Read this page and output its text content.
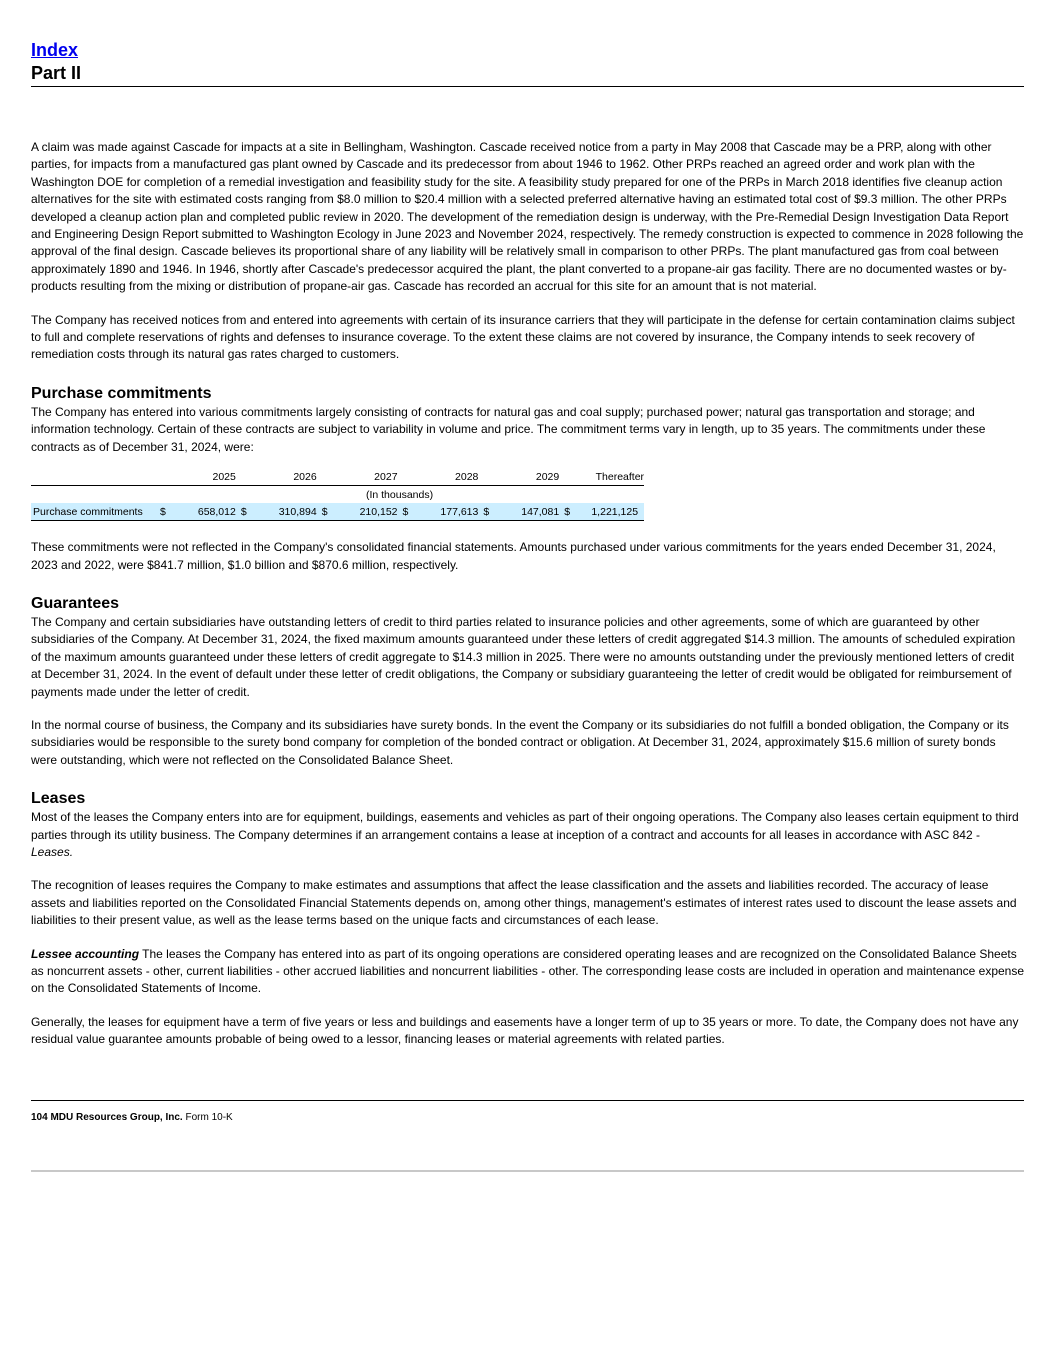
Index
Part II

A claim was made against Cascade for impacts at a site in Bellingham, Washington. Cascade received notice from a party in May 2008 that Cascade may be a PRP, along with other parties, for impacts from a manufactured gas plant owned by Cascade and its predecessor from about 1946 to 1962. Other PRPs reached an agreed order and work plan with the Washington DOE for completion of a remedial investigation and feasibility study for the site. A feasibility study prepared for one of the PRPs in March 2018 identifies five cleanup action alternatives for the site with estimated costs ranging from $8.0 million to $20.4 million with a selected preferred alternative having an estimated total cost of $9.3 million. The other PRPs developed a cleanup action plan and completed public review in 2020. The development of the remediation design is underway, with the Pre-Remedial Design Investigation Data Report and Engineering Design Report submitted to Washington Ecology in June 2023 and November 2024, respectively. The remedy construction is expected to commence in 2028 following the approval of the final design. Cascade believes its proportional share of any liability will be relatively small in comparison to other PRPs. The plant manufactured gas from coal between approximately 1890 and 1946. In 1946, shortly after Cascade's predecessor acquired the plant, the plant converted to a propane-air gas facility. There are no documented wastes or by-products resulting from the mixing or distribution of propane-air gas. Cascade has recorded an accrual for this site for an amount that is not material.

The Company has received notices from and entered into agreements with certain of its insurance carriers that they will participate in the defense for certain contamination claims subject to full and complete reservations of rights and defenses to insurance coverage. To the extent these claims are not covered by insurance, the Company intends to seek recovery of remediation costs through its natural gas rates charged to customers.

Purchase commitments

The Company has entered into various commitments largely consisting of contracts for natural gas and coal supply; purchased power; natural gas transportation and storage; and information technology. Certain of these contracts are subject to variability in volume and price. The commitment terms vary in length, up to 35 years. The commitments under these contracts as of December 31, 2024, were:

		2025		2026		2027		2028		2029		Thereafter
	(In thousands)											
Purchase commitments	$	658,012	$	310,894	$	210,152	$	177,613	$	147,081	$	1,221,125

These commitments were not reflected in the Company's consolidated financial statements. Amounts purchased under various commitments for the years ended December 31, 2024, 2023 and 2022, were $841.7 million, $1.0 billion and $870.6 million, respectively.

Guarantees

The Company and certain subsidiaries have outstanding letters of credit to third parties related to insurance policies and other agreements, some of which are guaranteed by other subsidiaries of the Company. At December 31, 2024, the fixed maximum amounts guaranteed under these letters of credit aggregated $14.3 million. The amounts of scheduled expiration of the maximum amounts guaranteed under these letters of credit aggregate to $14.3 million in 2025. There were no amounts outstanding under the previously mentioned letters of credit at December 31, 2024. In the event of default under these letter of credit obligations, the Company or subsidiary guaranteeing the letter of credit would be obligated for reimbursement of payments made under the letter of credit.

In the normal course of business, the Company and its subsidiaries have surety bonds. In the event the Company or its subsidiaries do not fulfill a bonded obligation, the Company or its subsidiaries would be responsible to the surety bond company for completion of the bonded contract or obligation. At December 31, 2024, approximately $15.6 million of surety bonds were outstanding, which were not reflected on the Consolidated Balance Sheet.

Leases

Most of the leases the Company enters into are for equipment, buildings, easements and vehicles as part of their ongoing operations. The Company also leases certain equipment to third parties through its utility business. The Company determines if an arrangement contains a lease at inception of a contract and accounts for all leases in accordance with ASC 842 - Leases.

The recognition of leases requires the Company to make estimates and assumptions that affect the lease classification and the assets and liabilities recorded. The accuracy of lease assets and liabilities reported on the Consolidated Financial Statements depends on, among other things, management's estimates of interest rates used to discount the lease assets and liabilities to their present value, as well as the lease terms based on the unique facts and circumstances of each lease.

Lessee accounting The leases the Company has entered into as part of its ongoing operations are considered operating leases and are recognized on the Consolidated Balance Sheets as noncurrent assets - other, current liabilities - other accrued liabilities and noncurrent liabilities - other. The corresponding lease costs are included in operation and maintenance expense on the Consolidated Statements of Income.

Generally, the leases for equipment have a term of five years or less and buildings and easements have a longer term of up to 35 years or more. To date, the Company does not have any residual value guarantee amounts probable of being owed to a lessor, financing leases or material agreements with related parties.

104 MDU Resources Group, Inc. Form 10-K
